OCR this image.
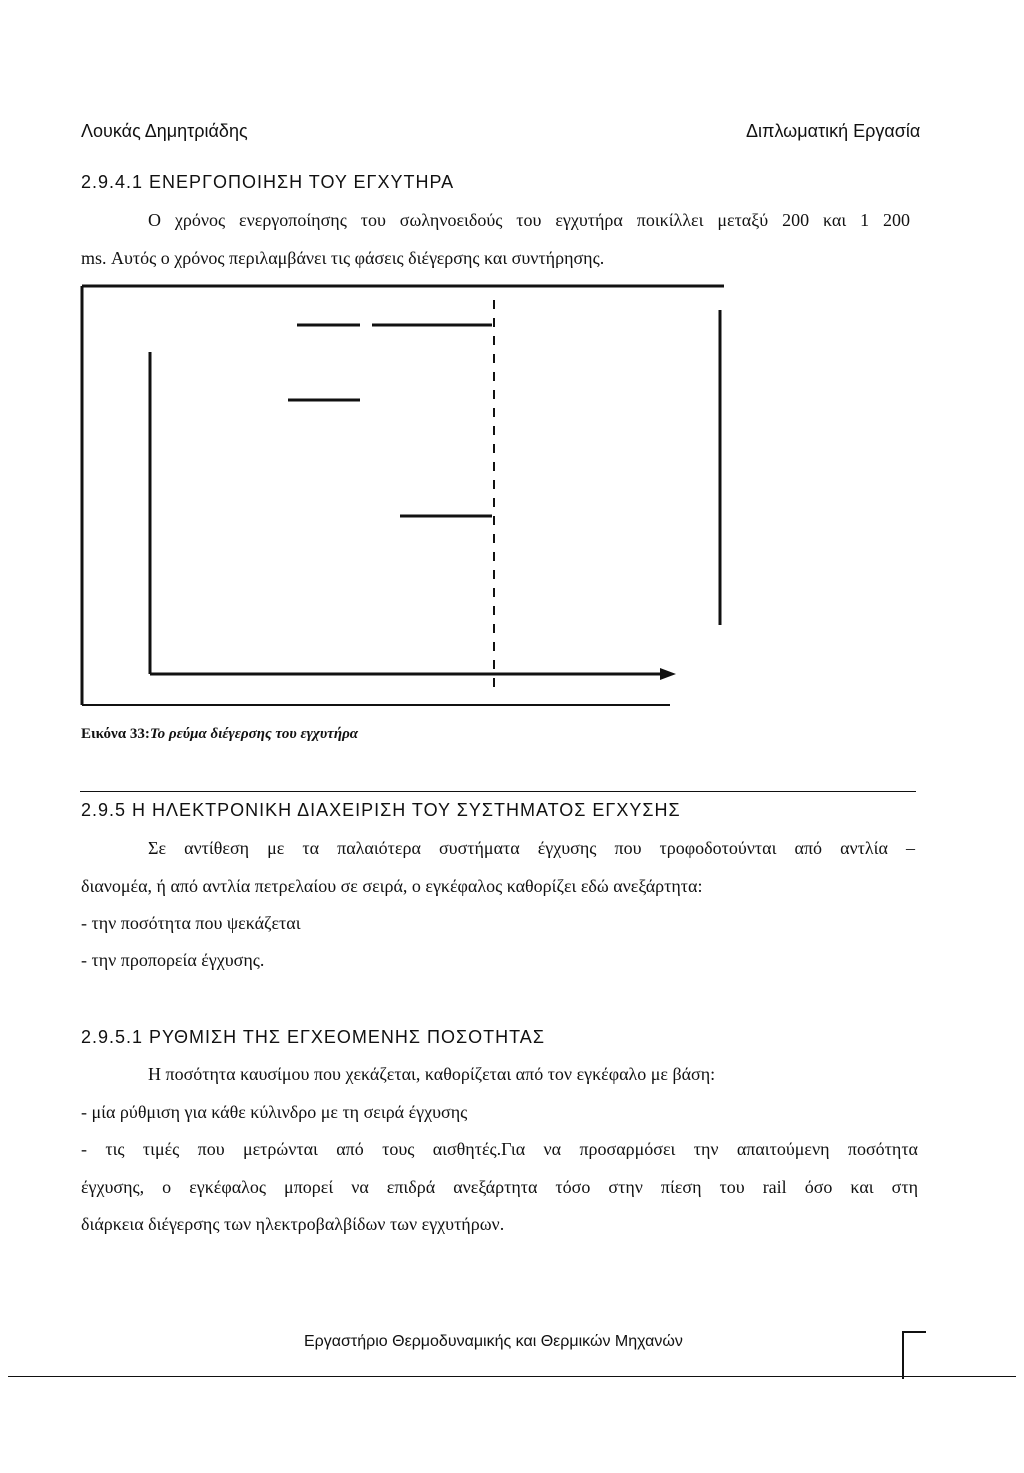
Λουκάς Δημητριάδης	Διπλωματική Εργασία
2.9.4.1 ΕΝΕΡΓΟΠΟΙΗΣΗ ΤΟΥ ΕΓΧΥΤΗΡΑ
Ο χρόνος ενεργοποίησης του σωληνοειδούς του εγχυτήρα ποικίλλει μεταξύ 200 και 1 200
ms. Αυτός ο χρόνος περιλαμβάνει τις φάσεις διέγερσης και συντήρησης.
Εικόνα 33:Το ρεύμα διέγερσης του εγχυτήρα
2.9.5 Η ΗΛΕΚΤΡΟΝΙΚΗ ΔΙΑΧΕΙΡΙΣΗ ΤΟΥ ΣΥΣΤΗΜΑΤΟΣ ΕΓΧΥΣΗΣ
Σε αντίθεση με τα παλαιότερα συστήματα έγχυσης που τροφοδοτούνται από αντλία –
διανομέα, ή από αντλία πετρελαίου σε σειρά, ο εγκέφαλος καθορίζει εδώ ανεξάρτητα:
- την ποσότητα που ψεκάζεται
- την προπορεία έγχυσης.
2.9.5.1 ΡΥΘΜΙΣΗ ΤΗΣ ΕΓΧΕΟΜΕΝΗΣ ΠΟΣΟΤΗΤΑΣ
Η ποσότητα καυσίμου που χεκάζεται, καθορίζεται από τον εγκέφαλο με βάση:
- μία ρύθμιση για κάθε κύλινδρο με τη σειρά έγχυσης
- τις τιμές που μετρώνται από τους αισθητές.Για να προσαρμόσει την απαιτούμενη ποσότητα
έγχυσης, ο εγκέφαλος μπορεί να επιδρά ανεξάρτητα τόσο στην πίεση του rail όσο και στη
διάρκεια διέγερσης των ηλεκτροβαλβίδων των εγχυτήρων.
Εργαστήριο Θερμοδυναμικής και Θερμικών Μηχανών
